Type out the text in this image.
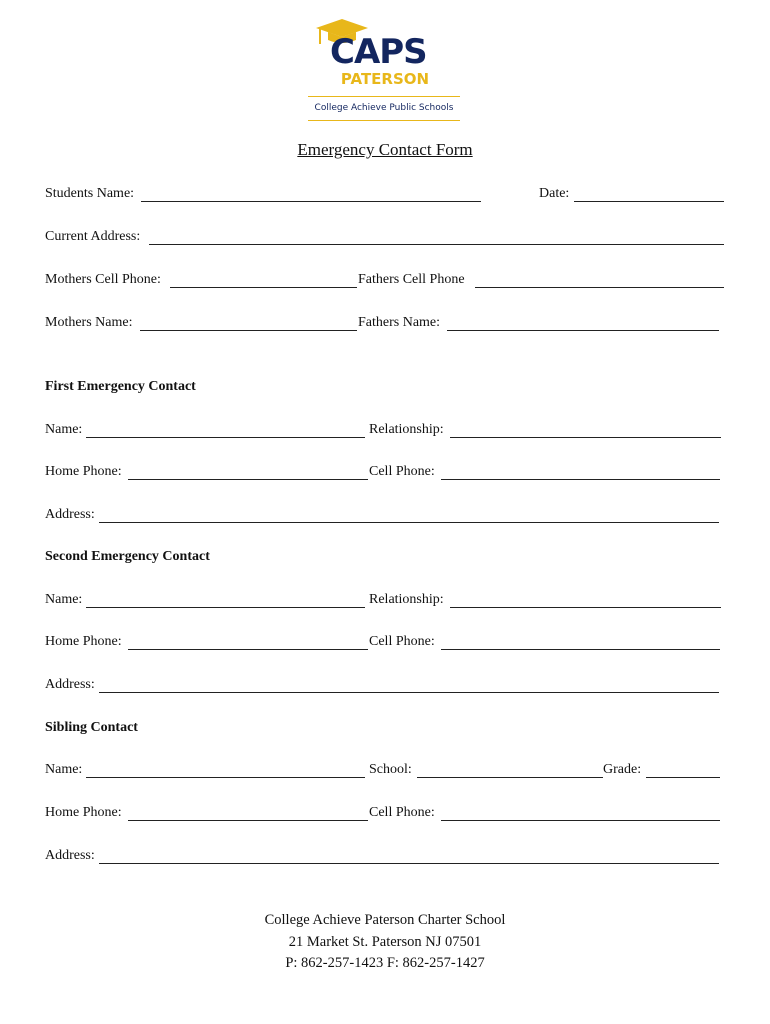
CAPS
PATERSON
College Achieve Public Schools
Emergency Contact Form
Students Name:	Date:
Current Address:
Mothers Cell Phone:	Fathers Cell Phone
Mothers Name:	Fathers Name:
First Emergency Contact
Name:	Relationship:
Home Phone:	Cell Phone:
Address:
Second Emergency Contact
Name:	Relationship:
Home Phone:	Cell Phone:
Address:
Sibling Contact
Name:	School:	Grade:
Home Phone:	Cell Phone:
Address:
College Achieve Paterson Charter School
21 Market St. Paterson NJ 07501
P: 862-257-1423 F: 862-257-1427
